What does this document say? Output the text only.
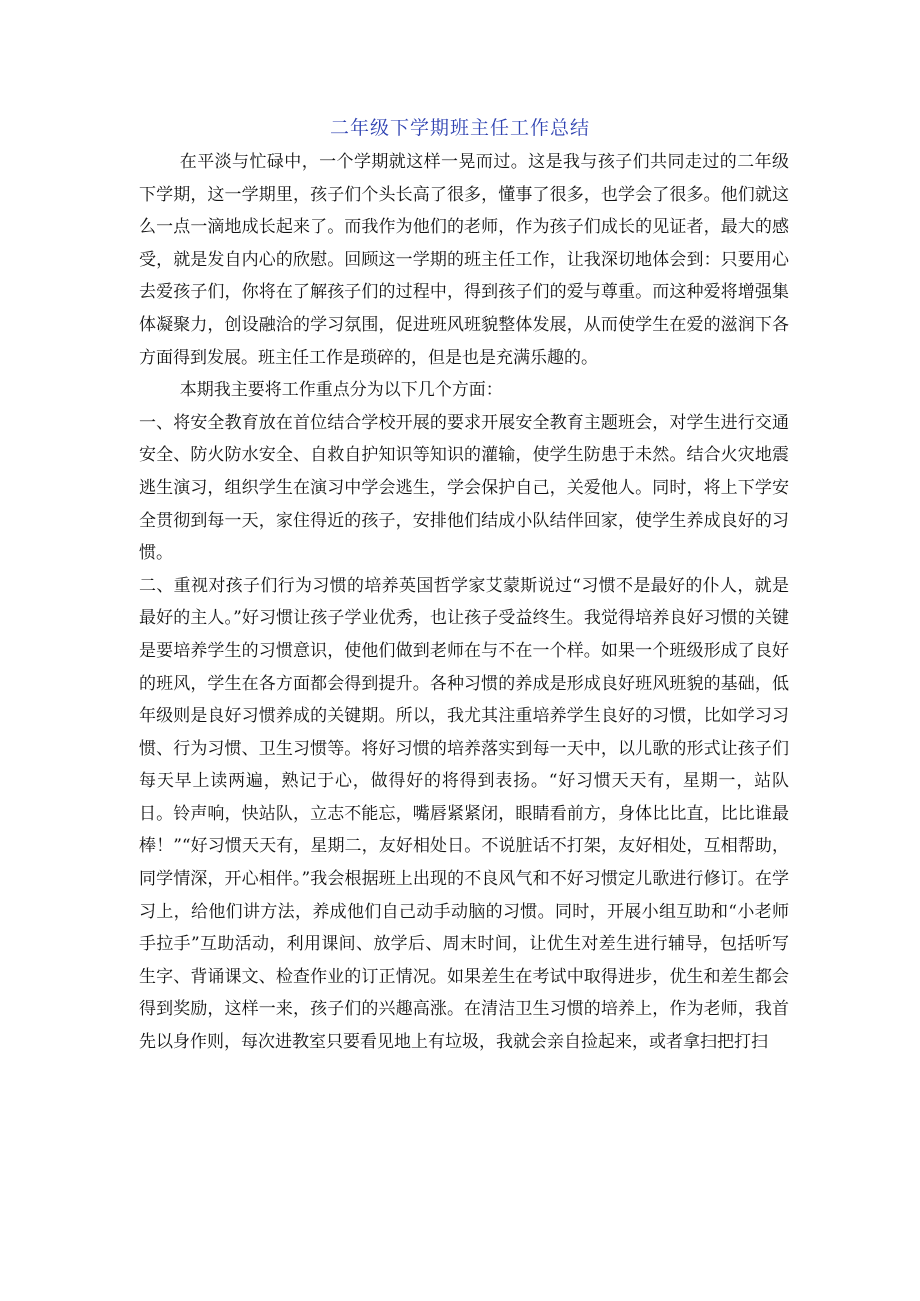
二年级下学期班主任工作总结

在平淡与忙碌中，一个学期就这样一晃而过。这是我与孩子们共同走过的二年级下学期，这一学期里，孩子们个头长高了很多，懂事了很多，也学会了很多。他们就这么一点一滴地成长起来了。而我作为他们的老师，作为孩子们成长的见证者，最大的感受，就是发自内心的欣慰。回顾这一学期的班主任工作，让我深切地体会到：只要用心去爱孩子们，你将在了解孩子们的过程中，得到孩子们的爱与尊重。而这种爱将增强集体凝聚力，创设融洽的学习氛围，促进班风班貌整体发展，从而使学生在爱的滋润下各方面得到发展。班主任工作是琐碎的，但是也是充满乐趣的。

本期我主要将工作重点分为以下几个方面：

一、将安全教育放在首位结合学校开展的要求开展安全教育主题班会，对学生进行交通安全、防火防水安全、自救自护知识等知识的灌输，使学生防患于未然。结合火灾地震逃生演习，组织学生在演习中学会逃生，学会保护自己，关爱他人。同时，将上下学安全贯彻到每一天，家住得近的孩子，安排他们结成小队结伴回家，使学生养成良好的习惯。

二、重视对孩子们行为习惯的培养英国哲学家艾蒙斯说过“习惯不是最好的仆人，就是最好的主人。”好习惯让孩子学业优秀，也让孩子受益终生。我觉得培养良好习惯的关键是要培养学生的习惯意识，使他们做到老师在与不在一个样。如果一个班级形成了良好的班风，学生在各方面都会得到提升。各种习惯的养成是形成良好班风班貌的基础，低年级则是良好习惯养成的关键期。所以，我尤其注重培养学生良好的习惯，比如学习习惯、行为习惯、卫生习惯等。将好习惯的培养落实到每一天中，以儿歌的形式让孩子们每天早上读两遍，熟记于心，做得好的将得到表扬。“好习惯天天有，星期一，站队日。铃声响，快站队，立志不能忘，嘴唇紧紧闭，眼睛看前方，身体比比直，比比谁最棒！”“好习惯天天有，星期二，友好相处日。不说脏话不打架，友好相处，互相帮助，同学情深，开心相伴。”我会根据班上出现的不良风气和不好习惯定儿歌进行修订。在学习上，给他们讲方法，养成他们自己动手动脑的习惯。同时，开展小组互助和“小老师手拉手”互助活动，利用课间、放学后、周末时间，让优生对差生进行辅导，包括听写生字、背诵课文、检查作业的订正情况。如果差生在考试中取得进步，优生和差生都会得到奖励，这样一来，孩子们的兴趣高涨。在清洁卫生习惯的培养上，作为老师，我首先以身作则，每次进教室只要看见地上有垃圾，我就会亲自捡起来，或者拿扫把打扫
